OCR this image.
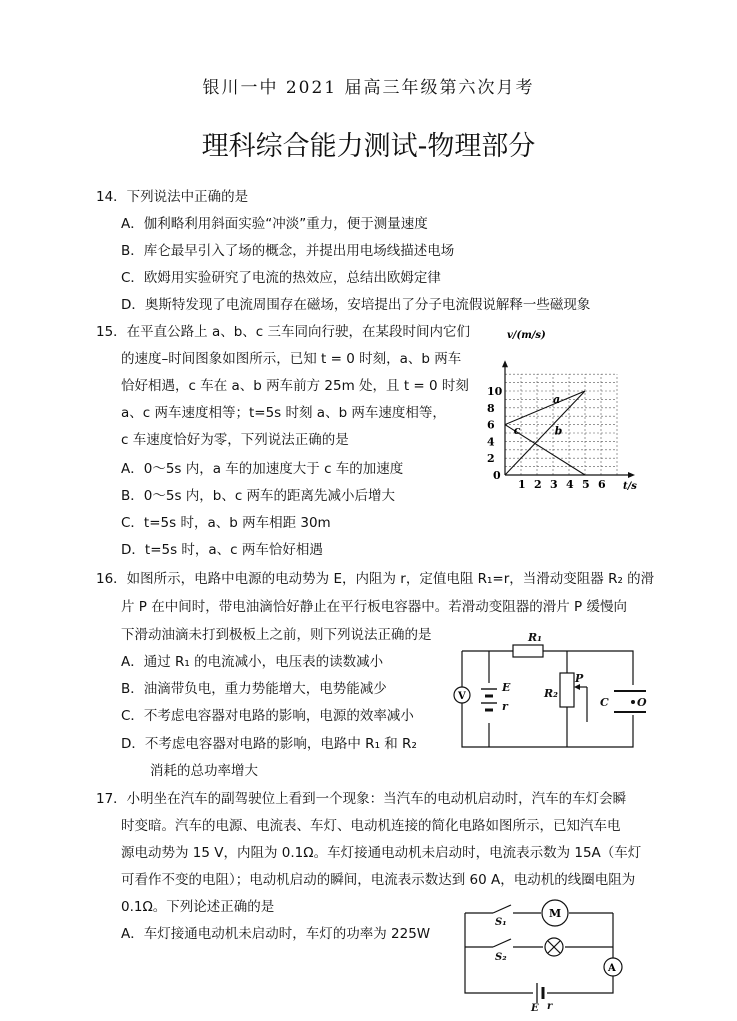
银川一中 2021 届高三年级第六次月考
理科综合能力测试-物理部分
14．下列说法中正确的是
A．伽利略利用斜面实验“冲淡”重力，便于测量速度
B．库仑最早引入了场的概念，并提出用电场线描述电场
C．欧姆用实验研究了电流的热效应，总结出欧姆定律
D．奥斯特发现了电流周围存在磁场，安培提出了分子电流假说解释一些磁现象
15．在平直公路上 a、b、c 三车同向行驶，在某段时间内它们
的速度–时间图象如图所示，已知 t = 0 时刻，a、b 两车
恰好相遇，c 车在 a、b 两车前方 25m 处，且 t = 0 时刻
a、c 两车速度相等；t=5s 时刻 a、b 两车速度相等，
c 车速度恰好为零，下列说法正确的是
A．0～5s 内，a 车的加速度大于 c 车的加速度
B．0～5s 内，b、c 两车的距离先减小后增大
C．t=5s 时，a、b 两车相距 30m
D．t=5s 时，a、c 两车恰好相遇
1 2 3 4 5 6
2
4
6
8
10
a
b
c
v/(m/s)
t/s
0
16．如图所示，电路中电源的电动势为 E，内阻为 r，定值电阻 R₁=r，当滑动变阻器 R₂ 的滑
片 P 在中间时，带电油滴恰好静止在平行板电容器中。若滑动变阻器的滑片 P 缓慢向
下滑动油滴未打到极板上之前，则下列说法正确的是
A．通过 R₁ 的电流减小，电压表的读数减小
B．油滴带负电，重力势能增大，电势能减少
C．不考虑电容器对电路的影响，电源的效率减小
D．不考虑电容器对电路的影响，电路中 R₁ 和 R₂
消耗的总功率增大
V
R₁
R₂
E
r
P
C	O
17．小明坐在汽车的副驾驶位上看到一个现象：当汽车的电动机启动时，汽车的车灯会瞬
时变暗。汽车的电源、电流表、车灯、电动机连接的简化电路如图所示，已知汽车电
源电动势为 15 V，内阻为 0.1Ω。车灯接通电动机未启动时，电流表示数为 15A（车灯
可看作不变的电阻）；电动机启动的瞬间，电流表示数达到 60 A，电动机的线圈电阻为
0.1Ω。下列论述正确的是
A．车灯接通电动机未启动时，车灯的功率为 225W
M
A
S₁
S₂
E r
